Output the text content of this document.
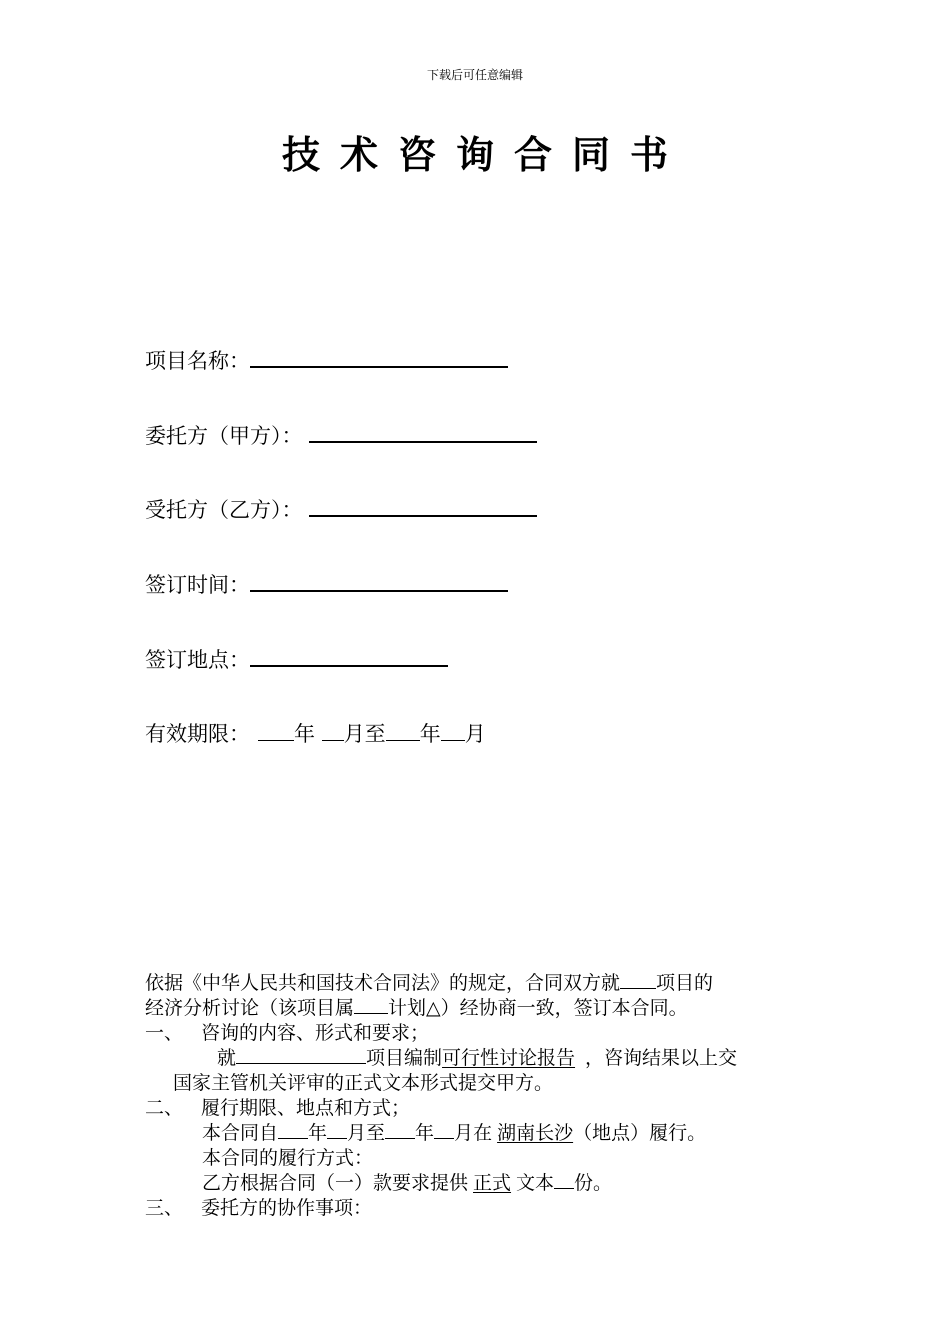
下载后可任意编辑
技术咨询合同书
项目名称：
委托方（甲方）：
受托方（乙方）：
签订时间：
签订地点：
有效期限： 年 月至 年 月
依据《中华人民共和国技术合同法》的规定，合同双方就 项目的
经济分析讨论（该项目属 计划△）经协商一致，签订本合同。
一、 咨询的内容、形式和要求；
就	项目编制可行性讨论报告 ，咨询结果以上交
国家主管机关评审的正式文本形式提交甲方。
二、 履行期限、地点和方式；
本合同自 年 月至 年 月在 湖南长沙（地点）履行。
本合同的履行方式：
乙方根据合同（一）款要求提供 正式 文本 份。
三、 委托方的协作事项：
